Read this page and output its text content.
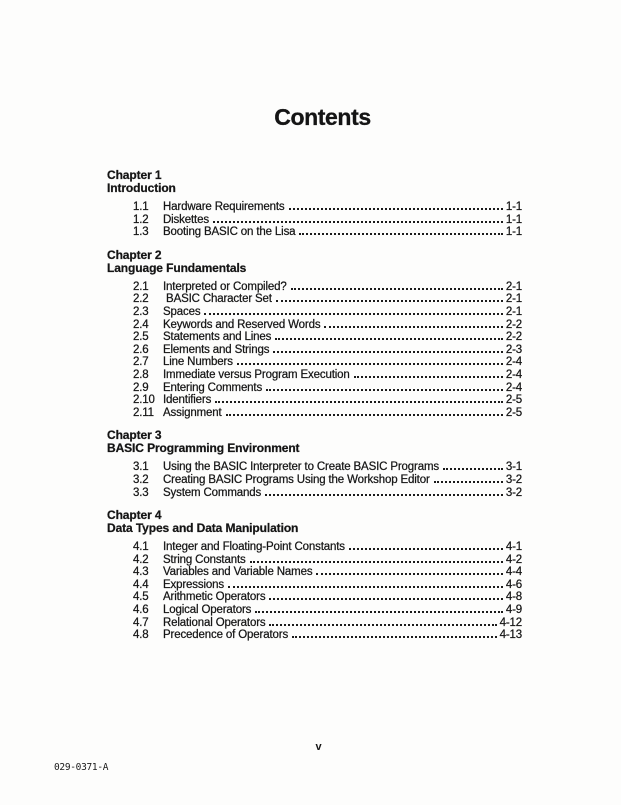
Contents
Chapter 1
Introduction
1.1	Hardware Requirements	1-1
1.2	Diskettes	1-1
1.3	Booting BASIC on the Lisa	1-1
Chapter 2
Language Fundamentals
2.1	Interpreted or Compiled?	2-1
2.2	BASIC Character Set	2-1
2.3	Spaces	2-1
2.4	Keywords and Reserved Words	2-2
2.5	Statements and Lines	2-2
2.6	Elements and Strings	2-3
2.7	Line Numbers	2-4
2.8	Immediate versus Program Execution	2-4
2.9	Entering Comments	2-4
2.10 Identifiers	2-5
2.11 Assignment	2-5
Chapter 3
BASIC Programming Environment
3.1	Using the BASIC Interpreter to Create BASIC Programs	3-1
3.2	Creating BASIC Programs Using the Workshop Editor	3-2
3.3	System Commands	3-2
Chapter 4
Data Types and Data Manipulation
4.1	Integer and Floating-Point Constants	4-1
4.2	String Constants	4-2
4.3	Variables and Variable Names	4-4
4.4	Expressions	4-6
4.5	Arithmetic Operators	4-8
4.6	Logical Operators	4-9
4.7	Relational Operators	4-12
4.8	Precedence of Operators	4-13
v
029-0371-A
